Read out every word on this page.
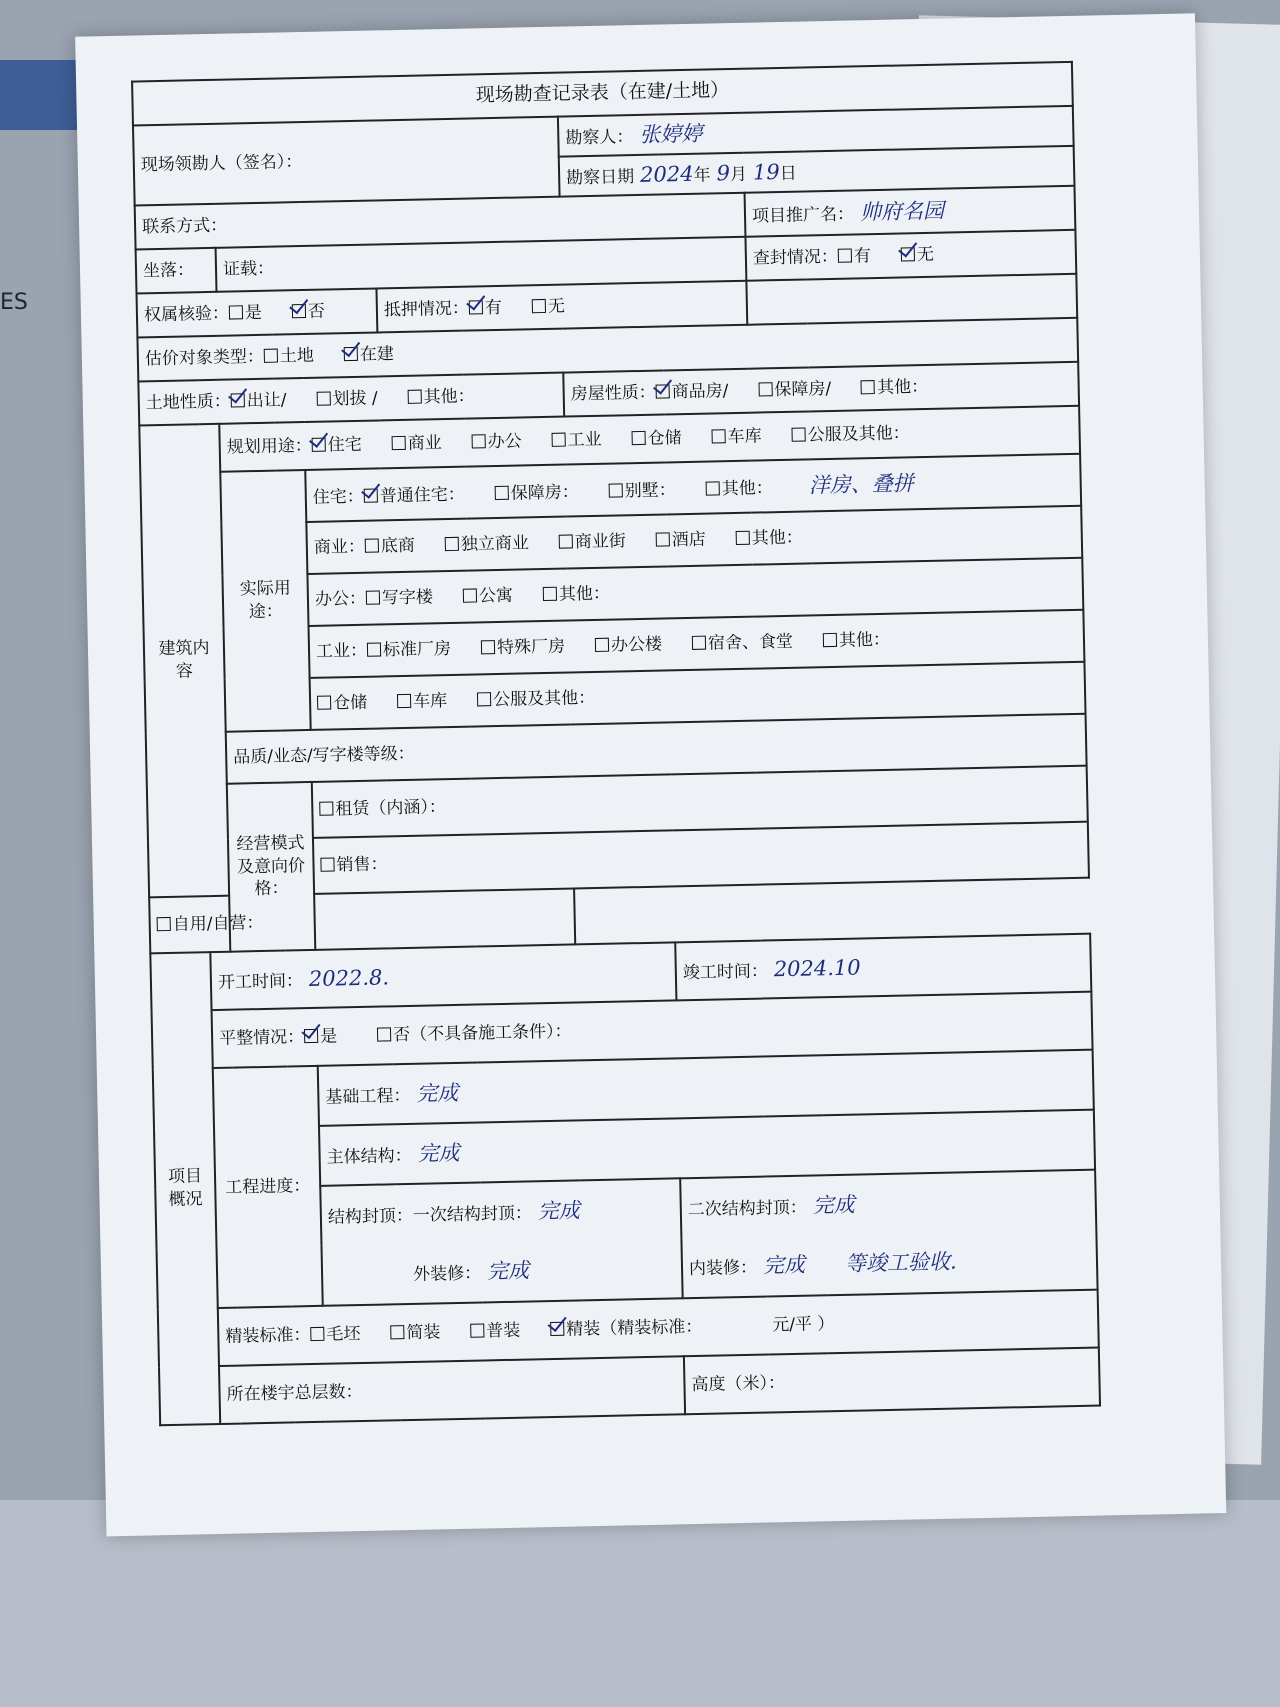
ES
现场勘查记录表（在建/土地）							
现场领勘人（签名）：					勘察人： 张婷婷		
					勘察日期 2024年 9月 19日		
联系方式：							项目推广名： 帅府名园
坐落：		证载：					查封情况： 有 无
权属核验： 是 否				抵押情况： 有 无			
估价对象类型： 土地 在建							
土地性质： 出让/ 划拔 / 其他：					房屋性质： 商品房/ 保障房/ 其他：		
建筑内容		规划用途： 住宅 商业 办公 工业 仓储 车库 公服及其他：					
		实际用途：	住宅： 普通住宅： 保障房： 别墅： 其他： 洋房、叠拼				
			商业： 底商 独立商业 商业街 酒店 其他：				
			办公： 写字楼 公寓 其他：				
			工业： 标准厂房 特殊厂房 办公楼 宿舍、食堂 其他：				
			仓储 车库 公服及其他：				
		品质/业态/写字楼等级：					
		经营模式及意向价格：	租赁（内涵）：				
			销售：				
自用/自营：							
项目概况	开工时间： 2022.8.					竣工时间： 2024.10	
	平整情况： 是 否（不具备施工条件）：						
	工程进度：		基础工程： 完成				
			主体结构： 完成				
			结构封顶：一次结构封顶： 完成			二次结构封顶： 完成	
			外装修： 完成			内装修： 完成 等竣工验收.	
	精装标准： 毛坯 简装 普装 精装（精装标准： 元/平 ）						
	所在楼宇总层数：					高度（米）：	
